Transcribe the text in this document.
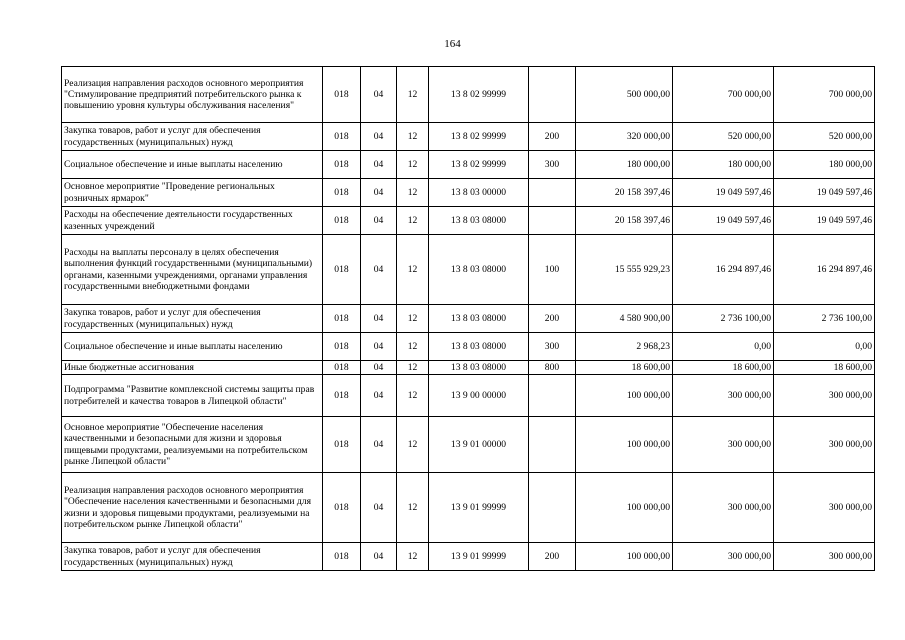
164
Реализация направления расходов основного мероприятия "Стимулирование предприятий потребительского рынка к повышению уровня культуры обслуживания населения"	018	04	12	13 8 02 99999		500 000,00	700 000,00	700 000,00
Закупка товаров, работ и услуг для обеспечения государственных (муниципальных) нужд	018	04	12	13 8 02 99999	200	320 000,00	520 000,00	520 000,00
Социальное обеспечение и иные выплаты населению	018	04	12	13 8 02 99999	300	180 000,00	180 000,00	180 000,00
Основное мероприятие "Проведение региональных розничных ярмарок"	018	04	12	13 8 03 00000		20 158 397,46	19 049 597,46	19 049 597,46
Расходы на обеспечение деятельности государственных казенных учреждений	018	04	12	13 8 03 08000		20 158 397,46	19 049 597,46	19 049 597,46
Расходы на выплаты персоналу в целях обеспечения выполнения функций государственными (муниципальными) органами, казенными учреждениями, органами управления государственными внебюджетными фондами	018	04	12	13 8 03 08000	100	15 555 929,23	16 294 897,46	16 294 897,46
Закупка товаров, работ и услуг для обеспечения государственных (муниципальных) нужд	018	04	12	13 8 03 08000	200	4 580 900,00	2 736 100,00	2 736 100,00
Социальное обеспечение и иные выплаты населению	018	04	12	13 8 03 08000	300	2 968,23	0,00	0,00
Иные бюджетные ассигнования	018	04	12	13 8 03 08000	800	18 600,00	18 600,00	18 600,00
Подпрограмма "Развитие комплексной системы защиты прав потребителей и качества товаров в Липецкой области"	018	04	12	13 9 00 00000		100 000,00	300 000,00	300 000,00
Основное мероприятие "Обеспечение населения качественными и безопасными для жизни и здоровья пищевыми продуктами, реализуемыми на потребительском рынке Липецкой области"	018	04	12	13 9 01 00000		100 000,00	300 000,00	300 000,00
Реализация направления расходов основного мероприятия "Обеспечение населения качественными и безопасными для жизни и здоровья пищевыми продуктами, реализуемыми на потребительском рынке Липецкой области"	018	04	12	13 9 01 99999		100 000,00	300 000,00	300 000,00
Закупка товаров, работ и услуг для обеспечения государственных (муниципальных) нужд	018	04	12	13 9 01 99999	200	100 000,00	300 000,00	300 000,00
